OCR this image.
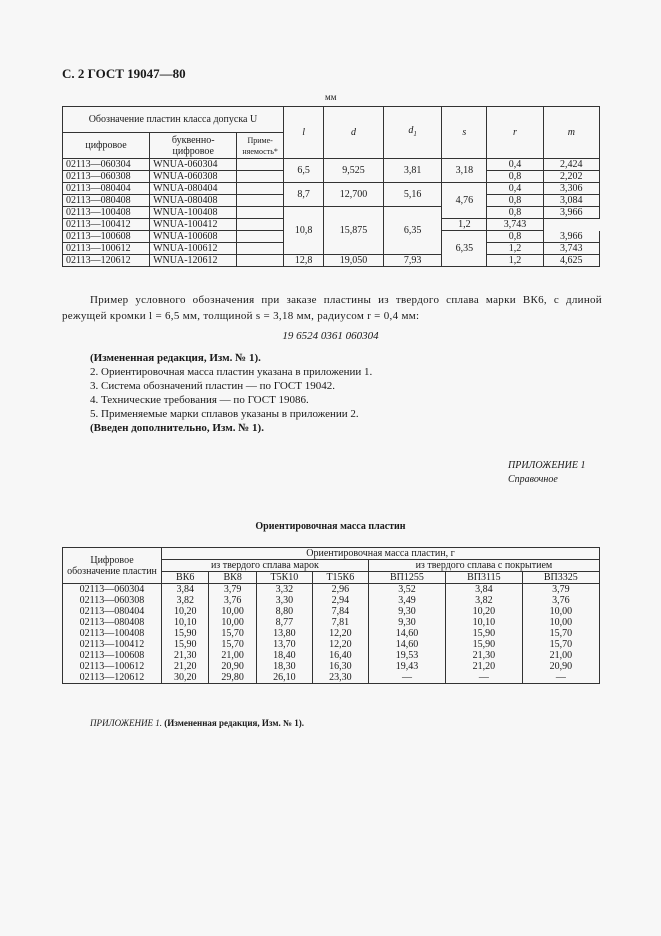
С. 2 ГОСТ 19047—80
мм
Обозначение пластин класса допуска U			l	d	$d_1$	s	r	m
цифровое	буквенно-цифровое	Приме-няемость*						
02113—060304	WNUA-060304		6,5	9,525	3,81	3,18	0,4	2,424
02113—060308	WNUA-060308						0,8	2,202
02113—080404	WNUA-080404		8,7	12,700	5,16	4,76	0,4	3,306
02113—080408	WNUA-080408						0,8	3,084
02113—100408	WNUA-100408		10,8	15,875	6,35		0,8	3,966
02113—100412	WNUA-100412					1,2	3,743	
02113—100608	WNUA-100608					6,35	0,8	3,966
02113—100612	WNUA-100612						1,2	3,743
02113—120612	WNUA-120612		12,8	19,050	7,93		1,2	4,625
Пример условного обозначения при заказе пластины из твердого сплава марки ВК6, с длиной режущей кромки l = 6,5 мм, толщиной s = 3,18 мм, радиусом r = 0,4 мм:
19 6524 0361 060304
(Измененная редакция, Изм. № 1).
2. Ориентировочная масса пластин указана в приложении 1.
3. Система обозначений пластин — по ГОСТ 19042.
4. Технические требования — по ГОСТ 19086.
5. Применяемые марки сплавов указаны в приложении 2.
(Введен дополнительно, Изм. № 1).
ПРИЛОЖЕНИЕ 1
Справочное
Ориентировочная масса пластин
Цифровое обозначение пластин	Ориентировочная масса пластин, г						
	из твердого сплава марок				из твердого сплава с покрытием		
	ВК6	ВК8	Т5К10	Т15К6	ВП1255	ВП3115	ВП3325
02113—060304	3,84	3,79	3,32	2,96	3,52	3,84	3,79
02113—060308	3,82	3,76	3,30	2,94	3,49	3,82	3,76
02113—080404	10,20	10,00	8,80	7,84	9,30	10,20	10,00
02113—080408	10,10	10,00	8,77	7,81	9,30	10,10	10,00
02113—100408	15,90	15,70	13,80	12,20	14,60	15,90	15,70
02113—100412	15,90	15,70	13,70	12,20	14,60	15,90	15,70
02113—100608	21,30	21,00	18,40	16,40	19,53	21,30	21,00
02113—100612	21,20	20,90	18,30	16,30	19,43	21,20	20,90
02113—120612	30,20	29,80	26,10	23,30	—	—	—
ПРИЛОЖЕНИЕ 1. (Измененная редакция, Изм. № 1).
